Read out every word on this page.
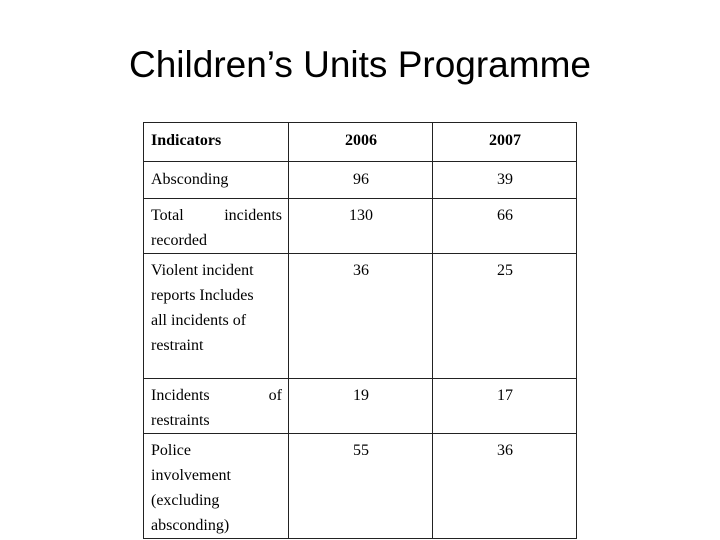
Children’s Units Programme
Indicators	2006	2007
Absconding	96	39
Total incidents recorded	130	66
Violent incident reports Includes all incidents of restraint	36	25
Incidents of restraints	19	17
Police involvement (excluding absconding)	55	36
